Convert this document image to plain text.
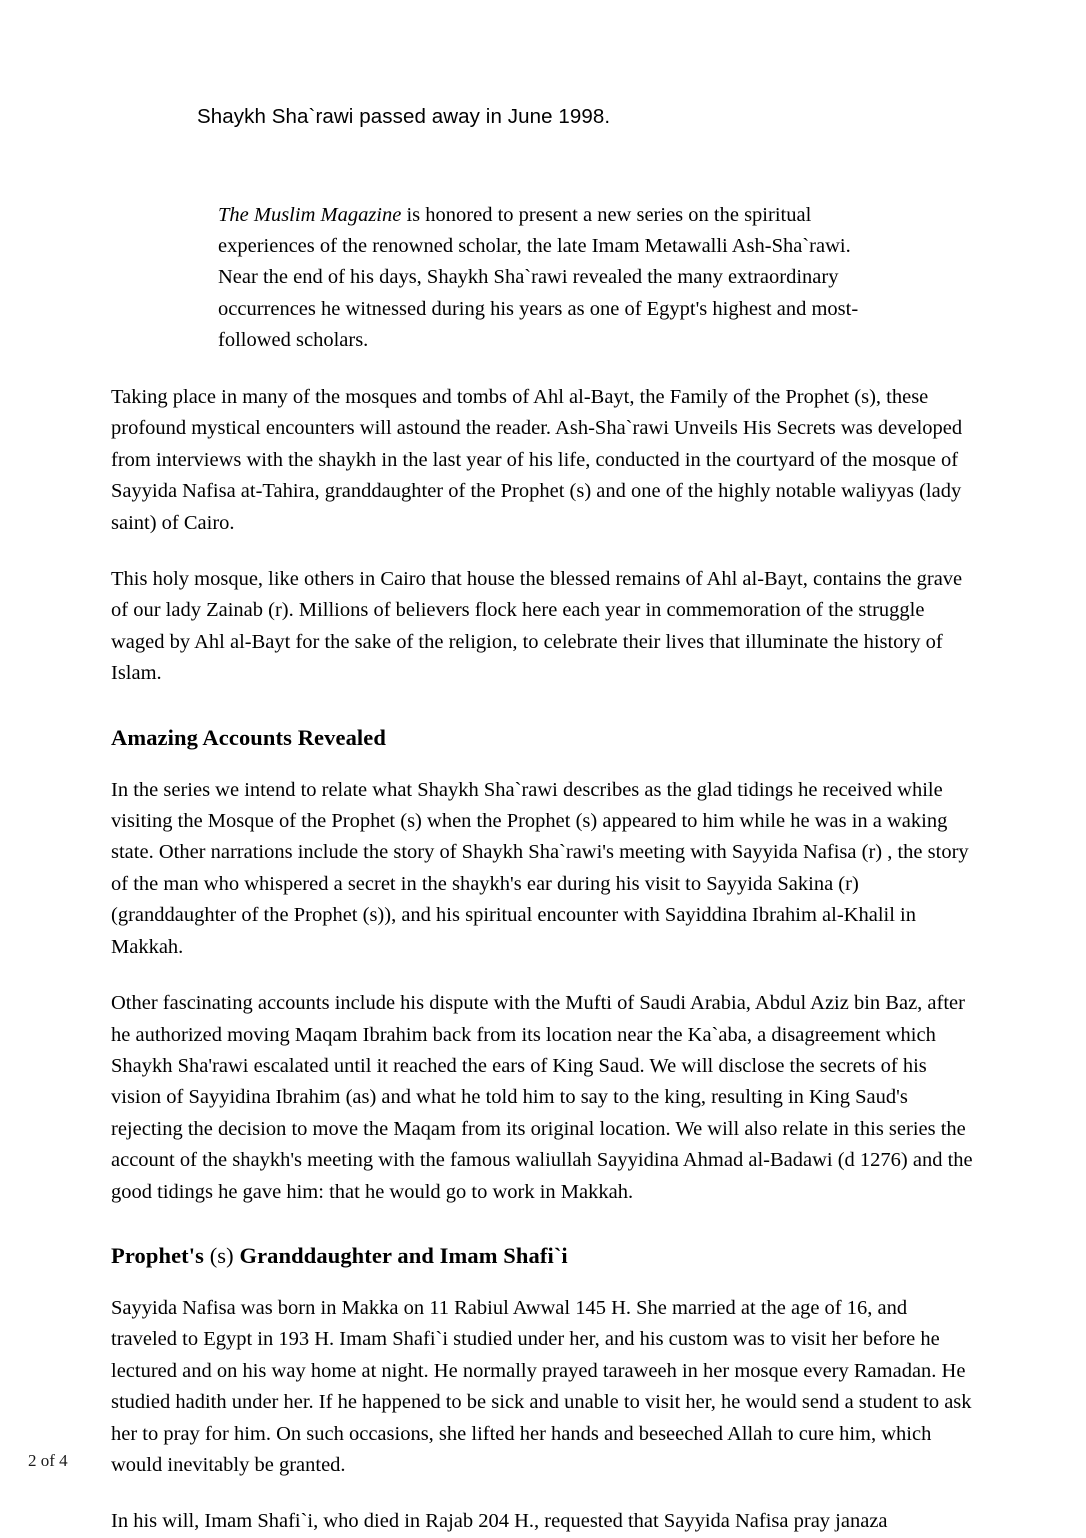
Shaykh Sha`rawi passed away in June 1998.
The Muslim Magazine is honored to present a new series on the spiritual experiences of the renowned scholar, the late Imam Metawalli Ash-Sha`rawi. Near the end of his days, Shaykh Sha`rawi revealed the many extraordinary occurrences he witnessed during his years as one of Egypt's highest and most-followed scholars.

Taking place in many of the mosques and tombs of Ahl al-Bayt, the Family of the Prophet (s), these profound mystical encounters will astound the reader. Ash-Sha`rawi Unveils His Secrets was developed from interviews with the shaykh in the last year of his life, conducted in the courtyard of the mosque of Sayyida Nafisa at-Tahira, granddaughter of the Prophet (s) and one of the highly notable waliyyas (lady saint) of Cairo.

This holy mosque, like others in Cairo that house the blessed remains of Ahl al-Bayt, contains the grave of our lady Zainab (r). Millions of believers flock here each year in commemoration of the struggle waged by Ahl al-Bayt for the sake of the religion, to celebrate their lives that illuminate the history of Islam.

Amazing Accounts Revealed

In the series we intend to relate what Shaykh Sha`rawi describes as the glad tidings he received while visiting the Mosque of the Prophet (s) when the Prophet (s) appeared to him while he was in a waking state. Other narrations include the story of Shaykh Sha`rawi's meeting with Sayyida Nafisa (r) , the story of the man who whispered a secret in the shaykh's ear during his visit to Sayyida Sakina (r) (granddaughter of the Prophet (s)), and his spiritual encounter with Sayiddina Ibrahim al-Khalil in Makkah.

Other fascinating accounts include his dispute with the Mufti of Saudi Arabia, Abdul Aziz bin Baz, after he authorized moving Maqam Ibrahim back from its location near the Ka`aba, a disagreement which Shaykh Sha'rawi escalated until it reached the ears of King Saud. We will disclose the secrets of his vision of Sayyidina Ibrahim (as) and what he told him to say to the king, resulting in King Saud's rejecting the decision to move the Maqam from its original location. We will also relate in this series the account of the shaykh's meeting with the famous waliullah Sayyidina Ahmad al-Badawi (d 1276) and the good tidings he gave him: that he would go to work in Makkah.

Prophet's (s) Granddaughter and Imam Shafi`i

Sayyida Nafisa was born in Makka on 11 Rabiul Awwal 145 H. She married at the age of 16, and traveled to Egypt in 193 H. Imam Shafi`i studied under her, and his custom was to visit her before he lectured and on his way home at night. He normally prayed taraweeh in her mosque every Ramadan. He studied hadith under her. If he happened to be sick and unable to visit her, he would send a student to ask her to pray for him. On such occasions, she lifted her hands and beseeched Allah to cure him, which would inevitably be granted.

In his will, Imam Shafi`i, who died in Rajab 204 H., requested that Sayyida Nafisa pray janaza

2 of 4
